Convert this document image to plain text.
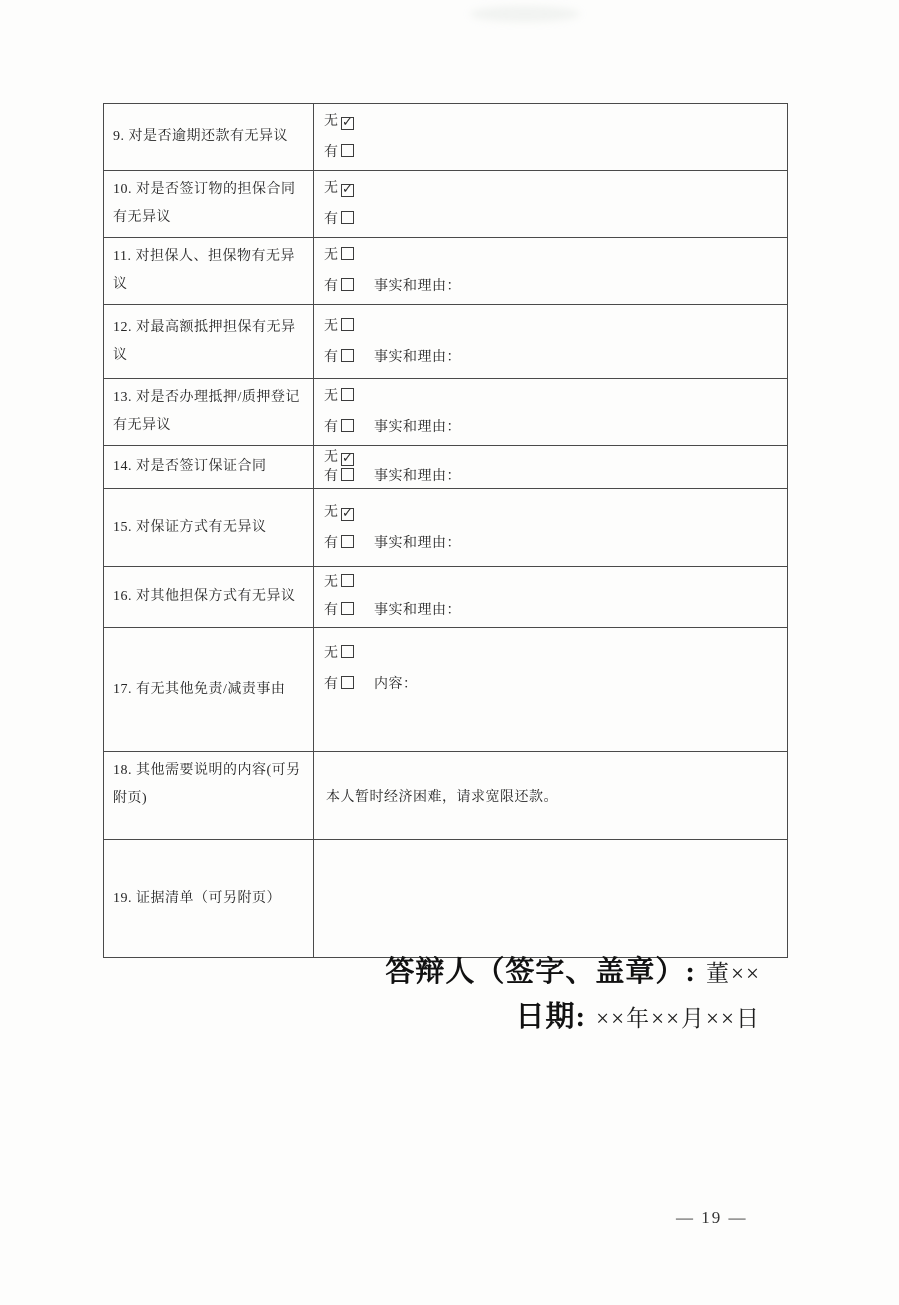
9. 对是否逾期还款有无异议	无 ✓
有

10. 对是否签订物的担保合同有无异议	无 ✓
有

11. 对担保人、担保物有无异议	无
有 事实和理由：

12. 对最高额抵押担保有无异议	无
有 事实和理由：

13. 对是否办理抵押/质押登记有无异议	无
有 事实和理由：

14. 对是否签订保证合同	无 ✓
有 事实和理由：

15. 对保证方式有无异议	无 ✓
有 事实和理由：

16. 对其他担保方式有无异议	无
有 事实和理由：

17. 有无其他免责/减责事由	无
有 内容：

18. 其他需要说明的内容(可另附页)	本人暂时经济困难，请求宽限还款。
19. 证据清单（可另附页）	
答辩人（签字、盖章）: 董××
日期: ××年××月××日
— 19 —
